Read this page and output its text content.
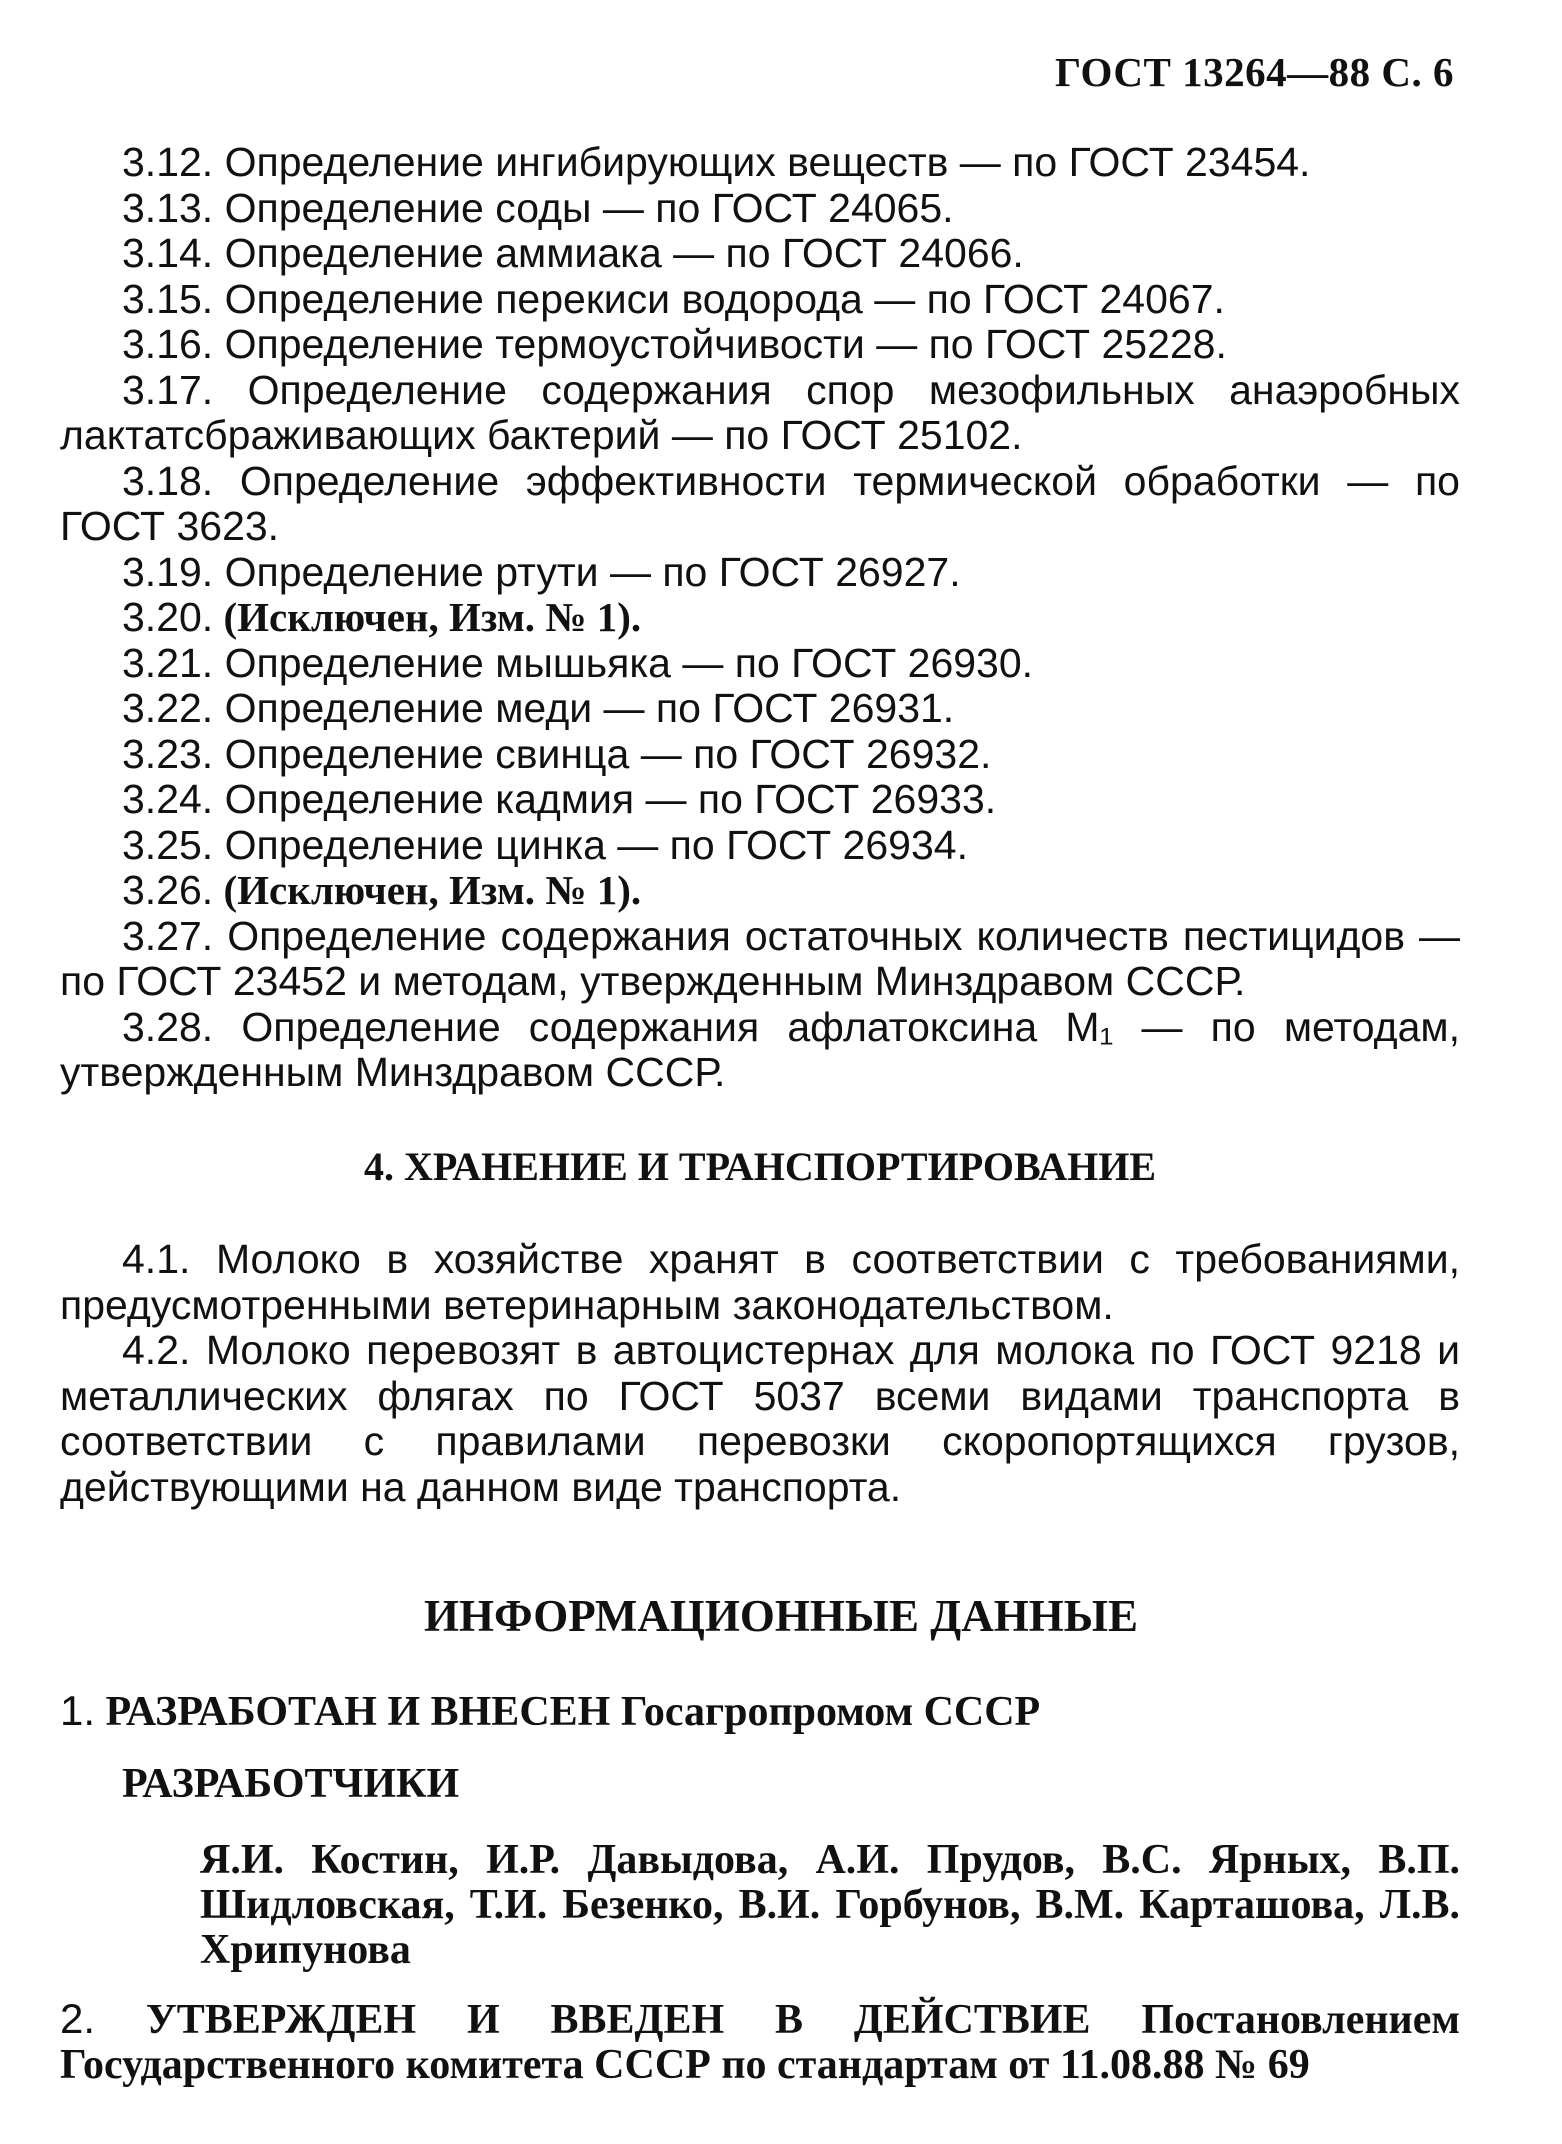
ГОСТ 13264—88 С. 6

3.12. Определение ингибирующих веществ — по ГОСТ 23454.

3.13. Определение соды — по ГОСТ 24065.

3.14. Определение аммиака — по ГОСТ 24066.

3.15. Определение перекиси водорода — по ГОСТ 24067.

3.16. Определение термоустойчивости — по ГОСТ 25228.

3.17. Определение содержания спор мезофильных анаэробных лактатсбраживающих бактерий — по ГОСТ 25102.

3.18. Определение эффективности термической обработки — по ГОСТ 3623.

3.19. Определение ртути — по ГОСТ 26927.

3.20. (Исключен, Изм. № 1).

3.21. Определение мышьяка — по ГОСТ 26930.

3.22. Определение меди — по ГОСТ 26931.

3.23. Определение свинца — по ГОСТ 26932.

3.24. Определение кадмия — по ГОСТ 26933.

3.25. Определение цинка — по ГОСТ 26934.

3.26. (Исключен, Изм. № 1).

3.27. Определение содержания остаточных количеств пестицидов — по ГОСТ 23452 и методам, утвержденным Минздравом СССР.

3.28. Определение содержания афлатоксина М₁ — по методам, утвержденным Минздравом СССР.

4. ХРАНЕНИЕ И ТРАНСПОРТИРОВАНИЕ

4.1. Молоко в хозяйстве хранят в соответствии с требованиями, предусмотренными ветеринарным законодательством.

4.2. Молоко перевозят в автоцистернах для молока по ГОСТ 9218 и металлических флягах по ГОСТ 5037 всеми видами транспорта в соответствии с правилами перевозки скоропортящихся грузов, действующими на данном виде транспорта.

ИНФОРМАЦИОННЫЕ ДАННЫЕ
1. РАЗРАБОТАН И ВНЕСЕН Госагропромом СССР
РАЗРАБОТЧИКИ
Я.И. Костин, И.Р. Давыдова, А.И. Прудов, В.С. Ярных, В.П. Шидловская, Т.И. Безенко, В.И. Горбунов, В.М. Карташова, Л.В. Хрипунова
2. УТВЕРЖДЕН И ВВЕДЕН В ДЕЙСТВИЕ Постановлением Государственного комитета СССР по стандартам от 11.08.88 № 69
